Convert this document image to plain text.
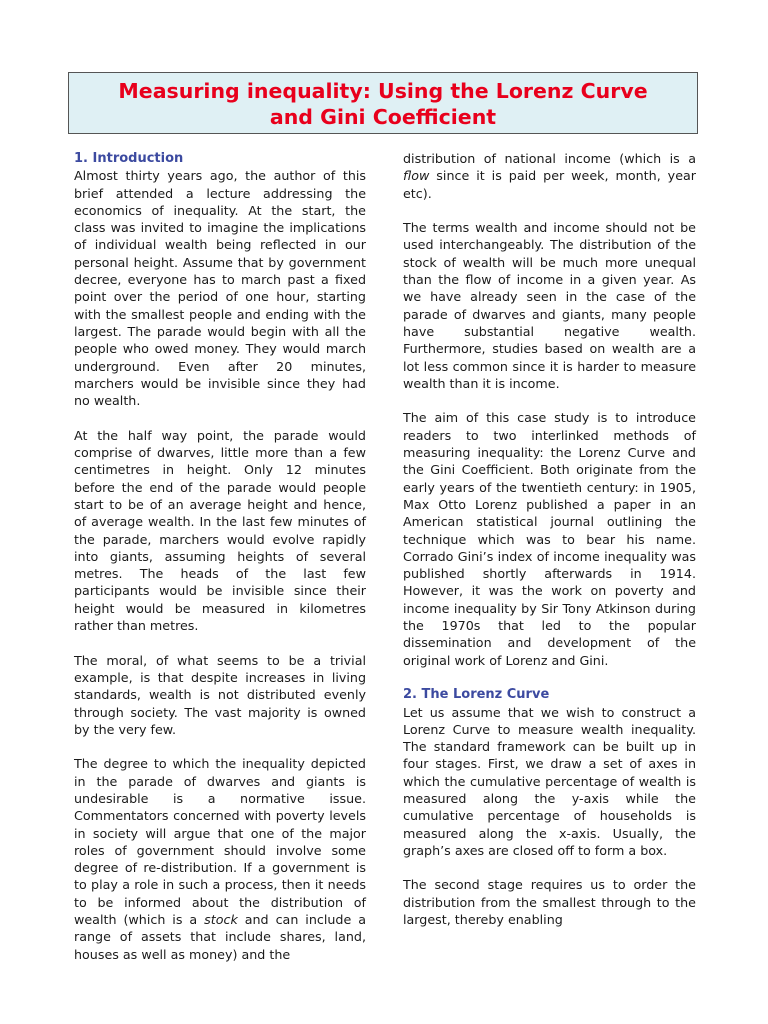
Measuring inequality: Using the Lorenz Curve
and Gini Coefficient
1. Introduction

Almost thirty years ago, the author of this brief attended a lecture addressing the economics of inequality. At the start, the class was invited to imagine the implications of individual wealth being reflected in our personal height. Assume that by government decree, everyone has to march past a fixed point over the period of one hour, starting with the smallest people and ending with the largest. The parade would begin with all the people who owed money. They would march underground. Even after 20 minutes, marchers would be invisible since they had no wealth.

At the half way point, the parade would comprise of dwarves, little more than a few centimetres in height. Only 12 minutes before the end of the parade would people start to be of an average height and hence, of average wealth. In the last few minutes of the parade, marchers would evolve rapidly into giants, assuming heights of several metres. The heads of the last few participants would be invisible since their height would be measured in kilometres rather than metres.

The moral, of what seems to be a trivial example, is that despite increases in living standards, wealth is not distributed evenly through society. The vast majority is owned by the very few.

The degree to which the inequality depicted in the parade of dwarves and giants is undesirable is a normative issue. Commentators concerned with poverty levels in society will argue that one of the major roles of government should involve some degree of re-distribution. If a government is to play a role in such a process, then it needs to be informed about the distribution of wealth (which is a stock and can include a range of assets that include shares, land, houses as well as money) and the

distribution of national income (which is a flow since it is paid per week, month, year etc).

The terms wealth and income should not be used interchangeably. The distribution of the stock of wealth will be much more unequal than the flow of income in a given year. As we have already seen in the case of the parade of dwarves and giants, many people have substantial negative wealth. Furthermore, studies based on wealth are a lot less common since it is harder to measure wealth than it is income.

The aim of this case study is to introduce readers to two interlinked methods of measuring inequality: the Lorenz Curve and the Gini Coefficient. Both originate from the early years of the twentieth century: in 1905, Max Otto Lorenz published a paper in an American statistical journal outlining the technique which was to bear his name. Corrado Gini’s index of income inequality was published shortly afterwards in 1914. However, it was the work on poverty and income inequality by Sir Tony Atkinson during the 1970s that led to the popular dissemination and development of the original work of Lorenz and Gini.

2. The Lorenz Curve

Let us assume that we wish to construct a Lorenz Curve to measure wealth inequality. The standard framework can be built up in four stages. First, we draw a set of axes in which the cumulative percentage of wealth is measured along the y-axis while the cumulative percentage of households is measured along the x-axis. Usually, the graph’s axes are closed off to form a box.

The second stage requires us to order the distribution from the smallest through to the largest, thereby enabling
